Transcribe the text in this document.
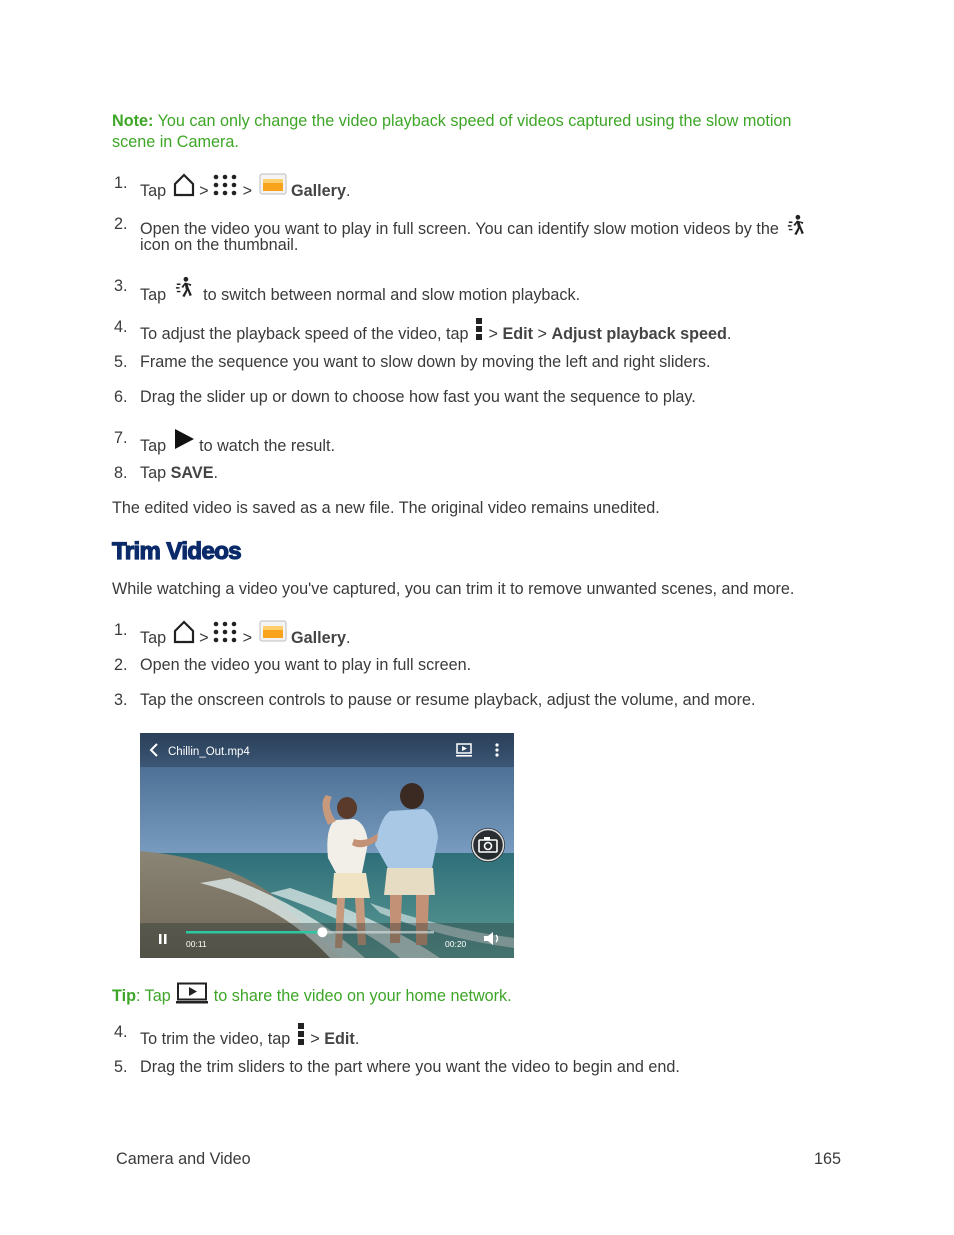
Note: You can only change the video playback speed of videos captured using the slow motion scene in Camera.
1. Tap > > Gallery.
2. Open the video you want to play in full screen. You can identify slow motion videos by the
icon on the thumbnail.
3. Tap to switch between normal and slow motion playback.
4. To adjust the playback speed of the video, tap > Edit > Adjust playback speed.
5. Frame the sequence you want to slow down by moving the left and right sliders.
6. Drag the slider up or down to choose how fast you want the sequence to play.
7. Tap to watch the result.
8. Tap SAVE.
The edited video is saved as a new file. The original video remains unedited.
Trim Videos
While watching a video you've captured, you can trim it to remove unwanted scenes, and more.
1. Tap > > Gallery.
2. Open the video you want to play in full screen.
3. Tap the onscreen controls to pause or resume playback, adjust the volume, and more.
Chillin_Out.mp4
00:11	00:20
Tip: Tap	to share the video on your home network.
4. To trim the video, tap > Edit.
5. Drag the trim sliders to the part where you want the video to begin and end.
Camera and Video	165
